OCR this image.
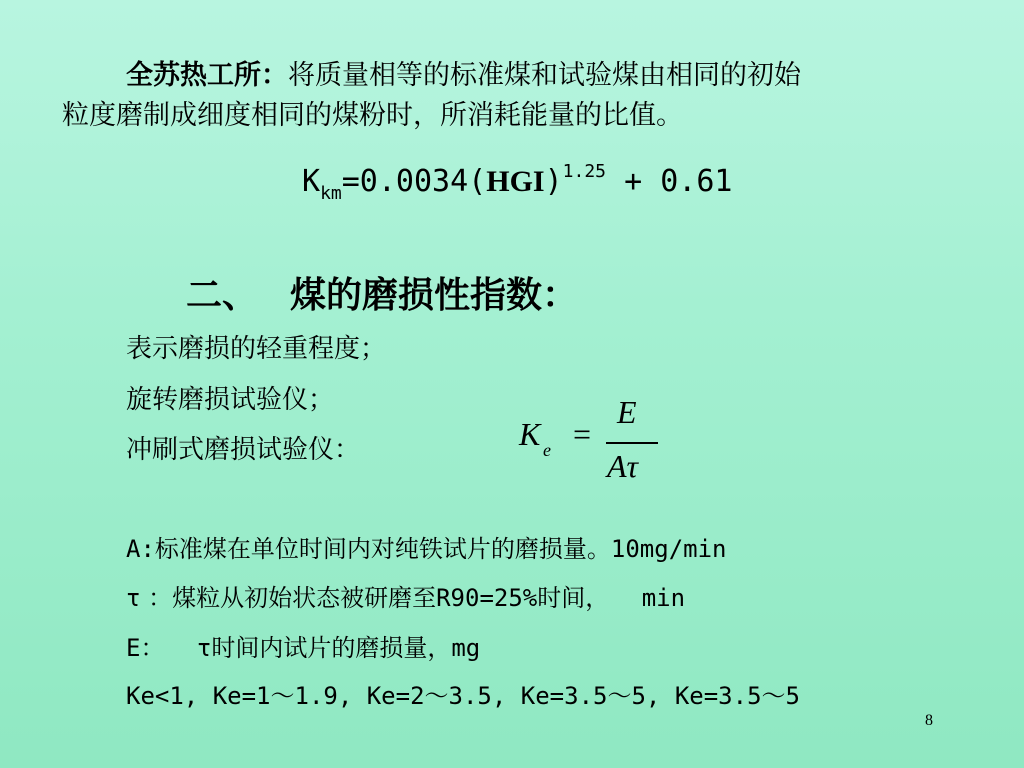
全苏热工所：将质量相等的标准煤和试验煤由相同的初始
粒度磨制成细度相同的煤粉时，所消耗能量的比值。
$K_{km}=0.0034(HGI)^{1.25} + 0.61$
二、 煤的磨损性指数：
表示磨损的轻重程度；
旋转磨损试验仪；
冲刷式磨损试验仪：	K e =
E
Aτ
A:标准煤在单位时间内对纯铁试片的磨损量。10mg/min
τ ：煤粒从初始状态被研磨至R90=25%时间， min
E： τ时间内试片的磨损量，mg
Ke<1, Ke=1～1.9, Ke=2～3.5, Ke=3.5～5, Ke=3.5～5
8
